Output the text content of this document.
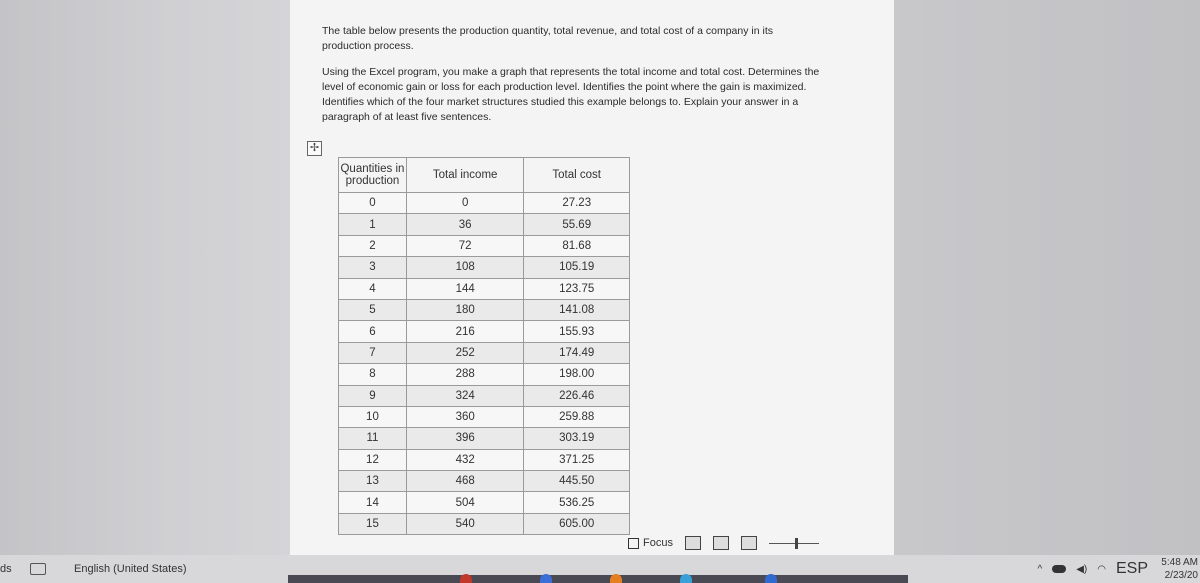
The table below presents the production quantity, total revenue, and total cost of a company in its production process.
Using the Excel program, you make a graph that represents the total income and total cost. Determines the level of economic gain or loss for each production level. Identifies the point where the gain is maximized. Identifies which of the four market structures studied this example belongs to. Explain your answer in a paragraph of at least five sentences.
✢
Quantities in production	Total income	Total cost
0	0	27.23
1	36	55.69
2	72	81.68
3	108	105.19
4	144	123.75
5	180	141.08
6	216	155.93
7	252	174.49
8	288	198.00
9	324	226.46
10	360	259.88
11	396	303.19
12	432	371.25
13	468	445.50
14	504	536.25
15	540	605.00
Focus
ds	English (United States)	^	◀) ◠ ESP	5:48 AM
2/23/20
